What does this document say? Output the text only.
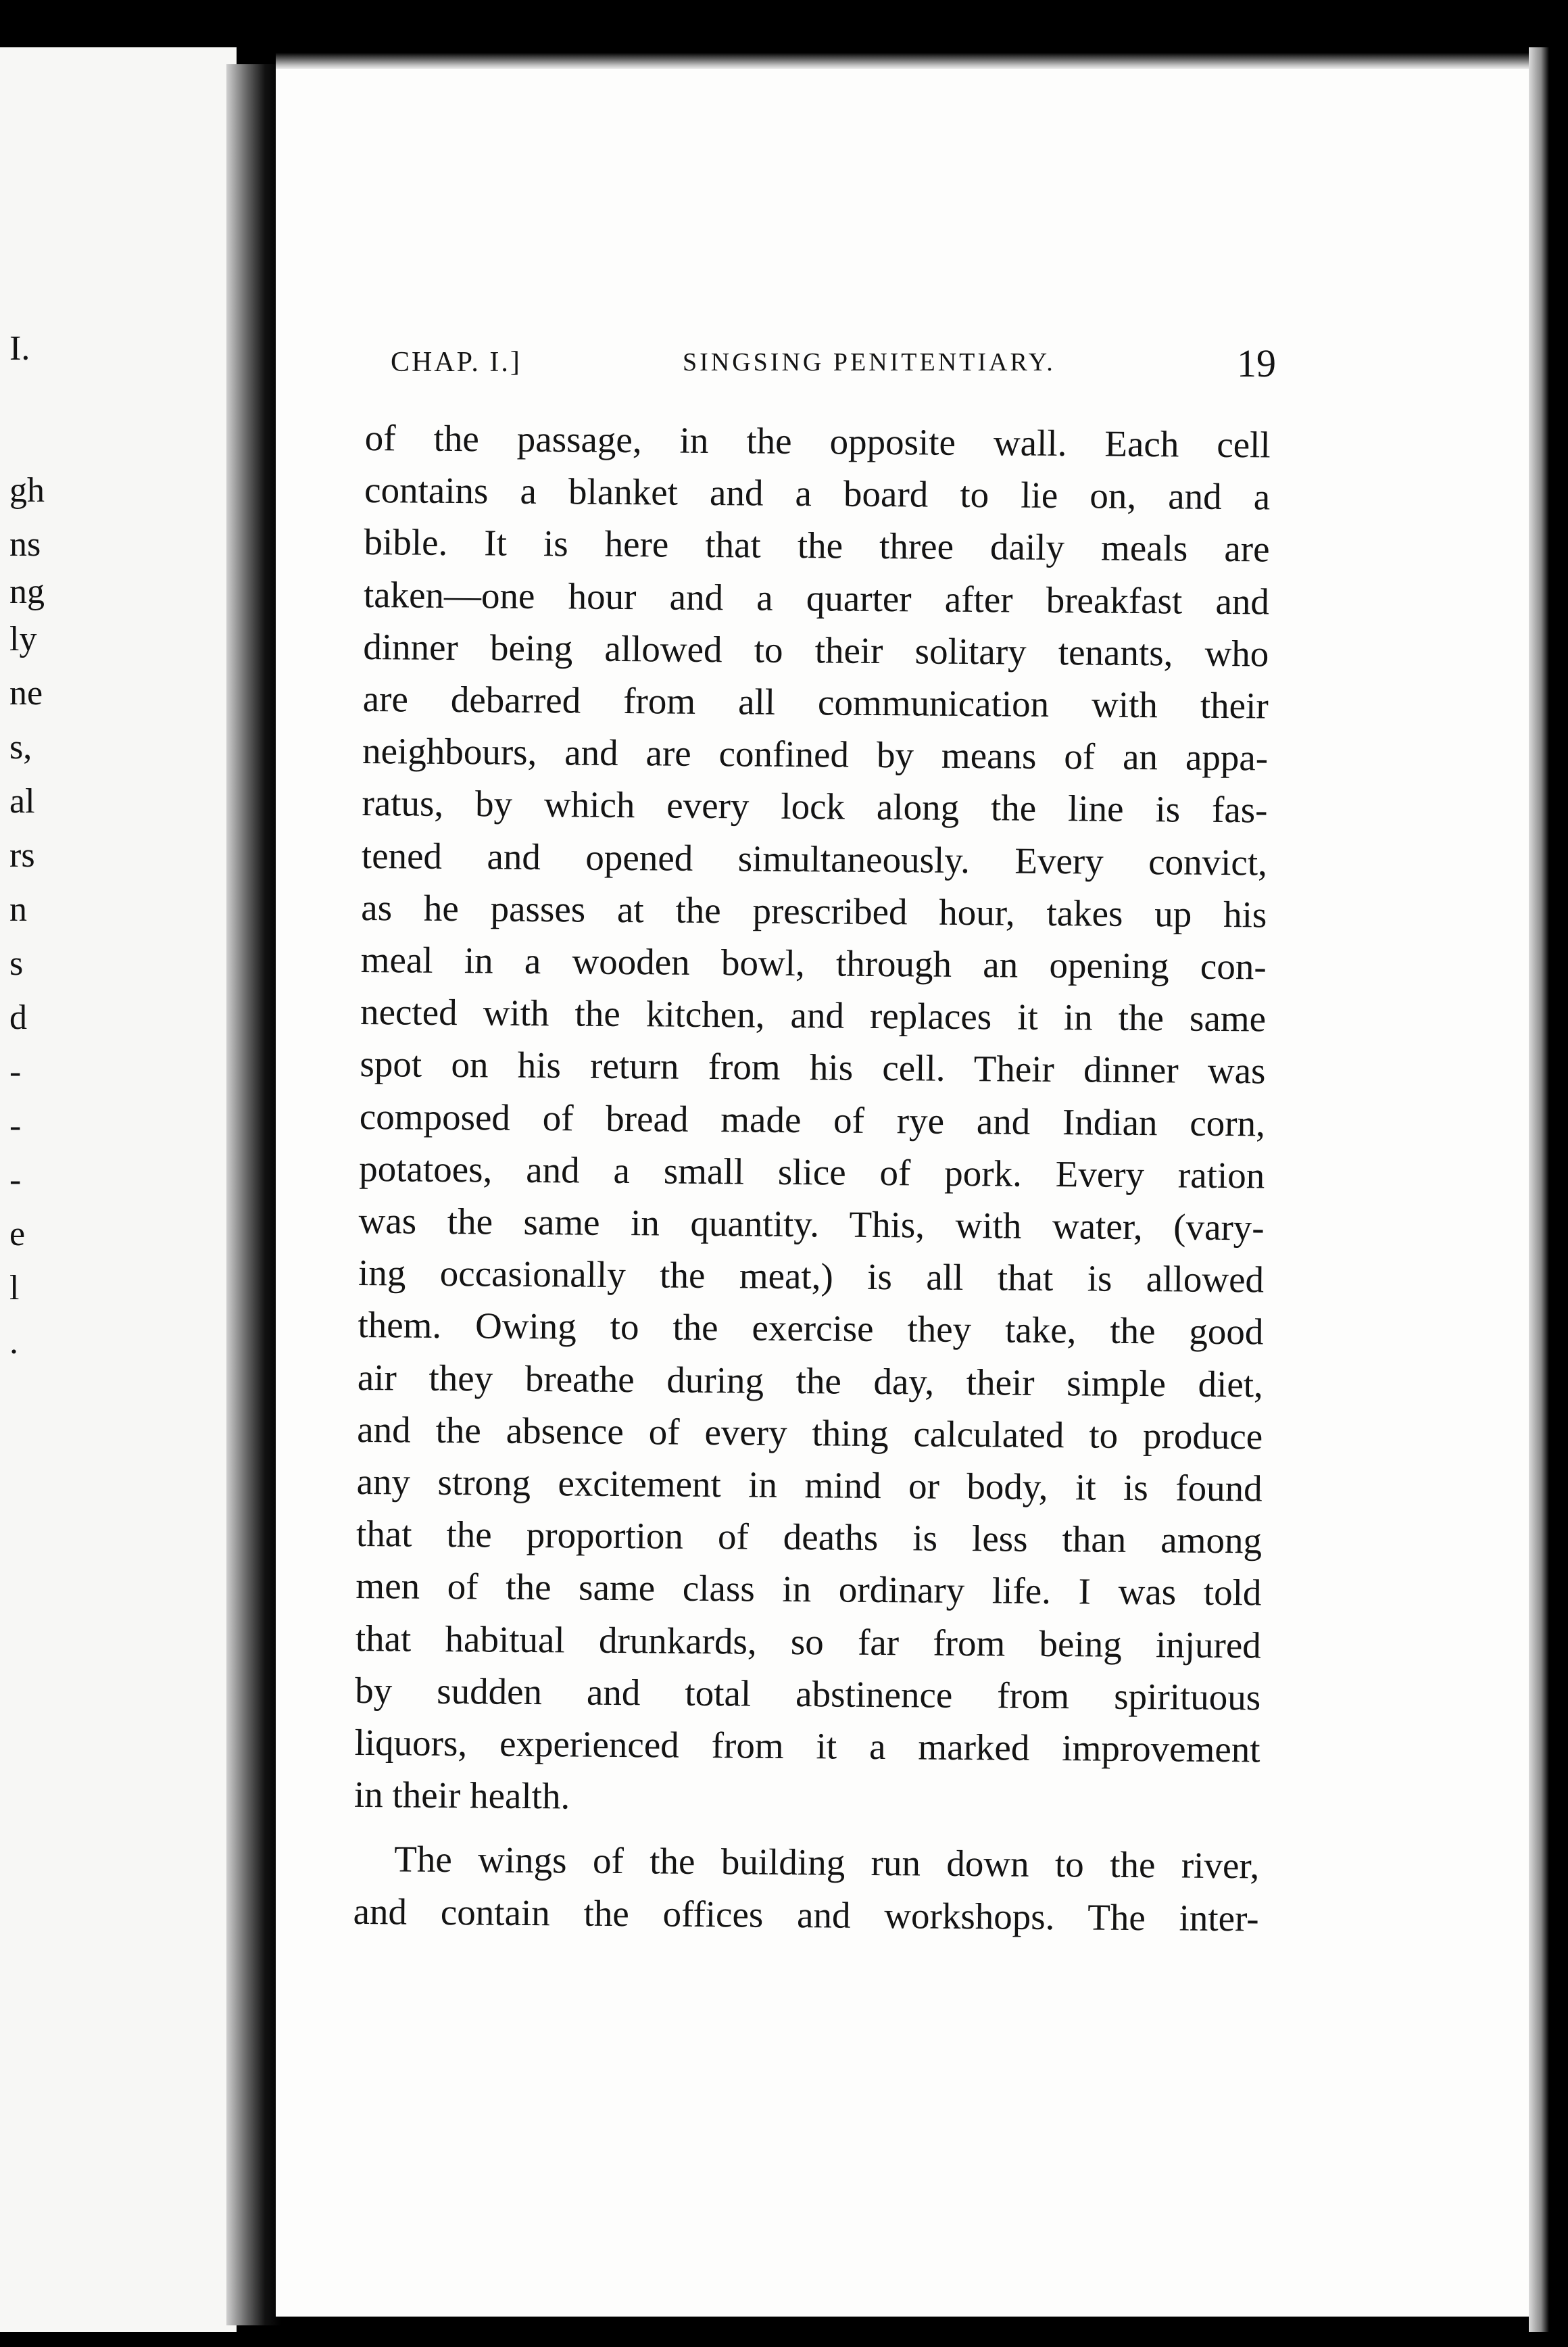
I.
gh
ns
ng
ly
ne
s,
al
rs
n
s
d
-
-
-
e
l
.
CHAP. I.]	SINGSING PENITENTIARY.	19
of the passage, in the opposite wall. Each cell
contains a blanket and a board to lie on, and a
bible. It is here that the three daily meals are
taken—one hour and a quarter after breakfast and
dinner being allowed to their solitary tenants, who
are debarred from all communication with their
neighbours, and are confined by means of an appa-
ratus, by which every lock along the line is fas-
tened and opened simultaneously. Every convict,
as he passes at the prescribed hour, takes up his
meal in a wooden bowl, through an opening con-
nected with the kitchen, and replaces it in the same
spot on his return from his cell. Their dinner was
composed of bread made of rye and Indian corn,
potatoes, and a small slice of pork. Every ration
was the same in quantity. This, with water, (vary-
ing occasionally the meat,) is all that is allowed
them. Owing to the exercise they take, the good
air they breathe during the day, their simple diet,
and the absence of every thing calculated to produce
any strong excitement in mind or body, it is found
that the proportion of deaths is less than among
men of the same class in ordinary life. I was told
that habitual drunkards, so far from being injured
by sudden and total abstinence from spirituous
liquors, experienced from it a marked improvement
in their health.
The wings of the building run down to the river,
and contain the offices and workshops. The inter-
